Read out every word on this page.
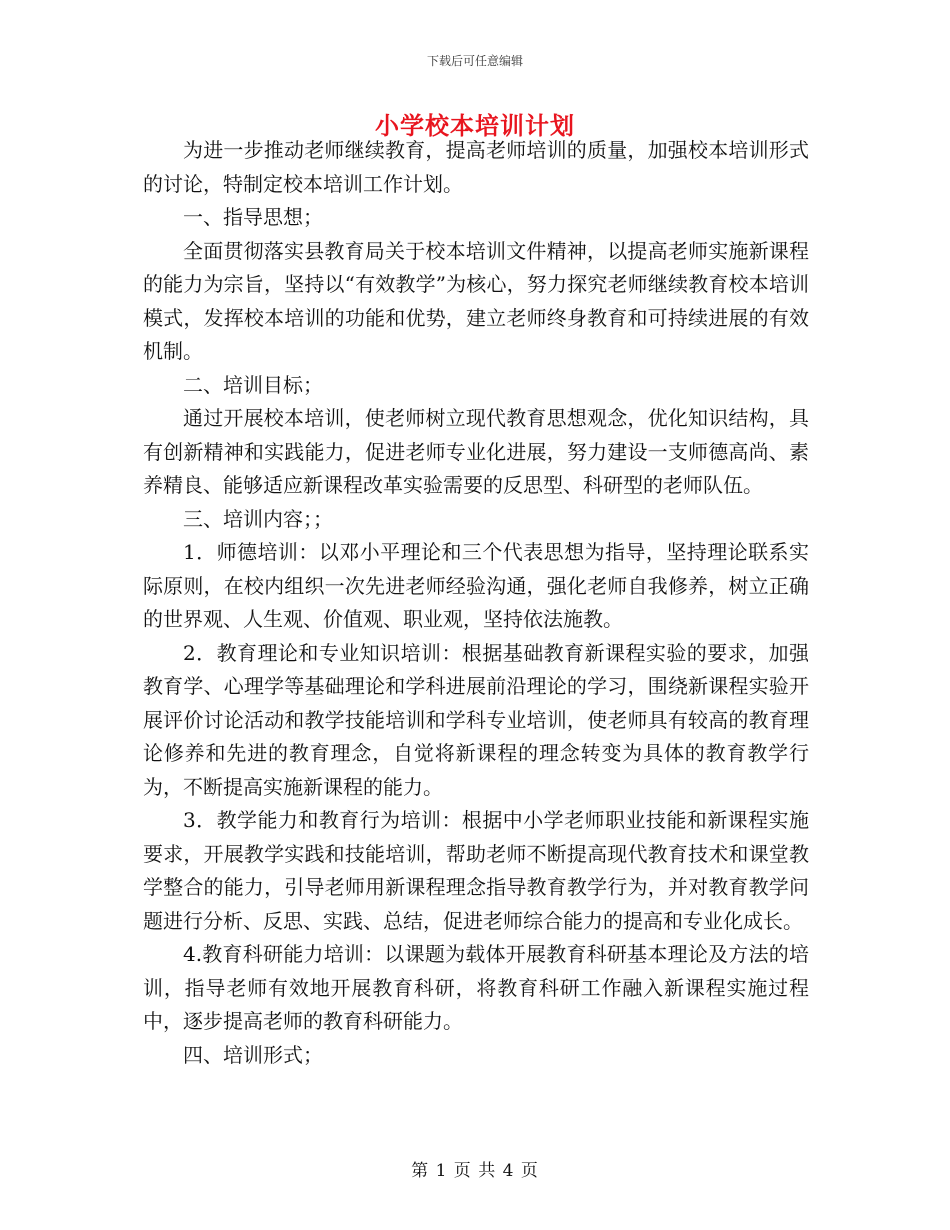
下载后可任意编辑
小学校本培训计划

为进一步推动老师继续教育，提高老师培训的质量，加强校本培训形式的讨论，特制定校本培训工作计划。

一、指导思想；

全面贯彻落实县教育局关于校本培训文件精神，以提高老师实施新课程的能力为宗旨，坚持以“有效教学”为核心，努力探究老师继续教育校本培训模式，发挥校本培训的功能和优势，建立老师终身教育和可持续进展的有效机制。

二、培训目标；

通过开展校本培训，使老师树立现代教育思想观念，优化知识结构，具有创新精神和实践能力，促进老师专业化进展，努力建设一支师德高尚、素养精良、能够适应新课程改革实验需要的反思型、科研型的老师队伍。

三、培训内容；；

1．师德培训：以邓小平理论和三个代表思想为指导，坚持理论联系实际原则，在校内组织一次先进老师经验沟通，强化老师自我修养，树立正确的世界观、人生观、价值观、职业观，坚持依法施教。

2．教育理论和专业知识培训：根据基础教育新课程实验的要求，加强教育学、心理学等基础理论和学科进展前沿理论的学习，围绕新课程实验开展评价讨论活动和教学技能培训和学科专业培训，使老师具有较高的教育理论修养和先进的教育理念，自觉将新课程的理念转变为具体的教育教学行为，不断提高实施新课程的能力。

3．教学能力和教育行为培训：根据中小学老师职业技能和新课程实施要求，开展教学实践和技能培训，帮助老师不断提高现代教育技术和课堂教学整合的能力，引导老师用新课程理念指导教育教学行为，并对教育教学问题进行分析、反思、实践、总结，促进老师综合能力的提高和专业化成长。

4.教育科研能力培训：以课题为载体开展教育科研基本理论及方法的培训，指导老师有效地开展教育科研，将教育科研工作融入新课程实施过程中，逐步提高老师的教育科研能力。

四、培训形式；

第 1 页 共 4 页
